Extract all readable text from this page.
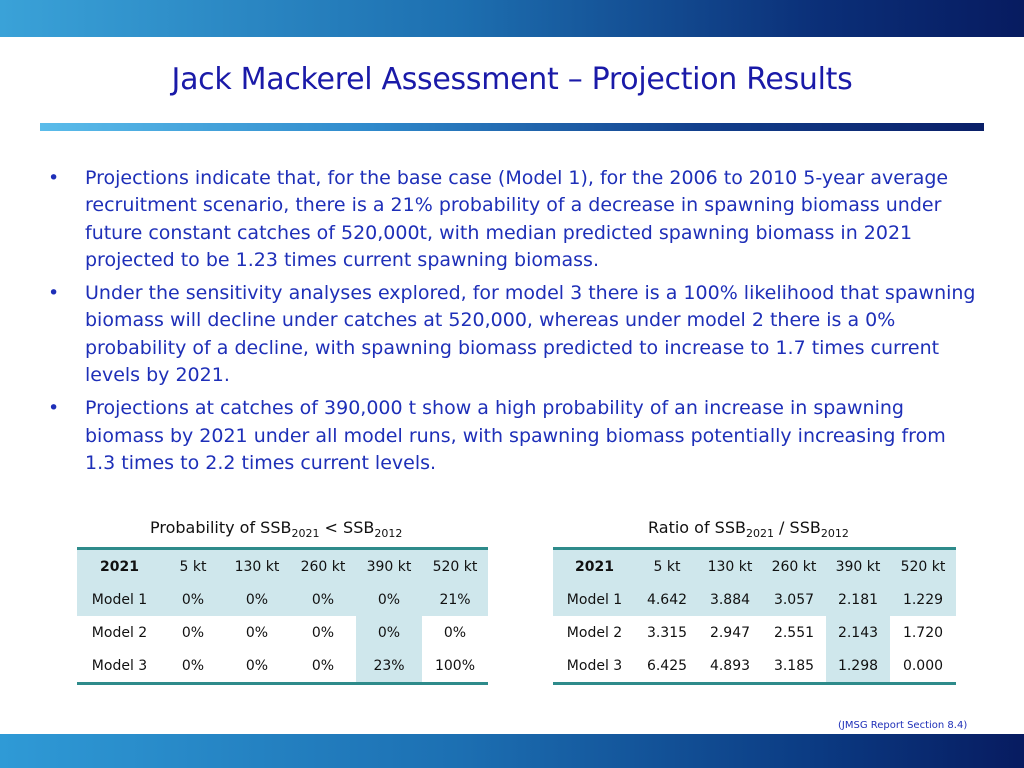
Jack Mackerel Assessment – Projection Results
• Projections indicate that, for the base case (Model 1), for the 2006 to 2010 5-year average recruitment scenario, there is a 21% probability of a decrease in spawning biomass under future constant catches of 520,000t, with median predicted spawning biomass in 2021 projected to be 1.23 times current spawning biomass.
• Under the sensitivity analyses explored, for model 3 there is a 100% likelihood that spawning biomass will decline under catches at 520,000, whereas under model 2 there is a 0% probability of a decline, with spawning biomass predicted to increase to 1.7 times current levels by 2021.
• Projections at catches of 390,000 t show a high probability of an increase in spawning biomass by 2021 under all model runs, with spawning biomass potentially increasing from 1.3 times to 2.2 times current levels.
Probability of $SSB_{2021} < SSB_{2012}$
2021	5 kt	130 kt	260 kt	390 kt	520 kt
Model 1	0%	0%	0%	0%	21%
Model 2	0%	0%	0%	0%	0%
Model 3	0%	0%	0%	23%	100%
Ratio of $SSB_{2021} / SSB_{2012}$
2021	5 kt	130 kt	260 kt	390 kt	520 kt
Model 1	4.642	3.884	3.057	2.181	1.229
Model 2	3.315	2.947	2.551	2.143	1.720
Model 3	6.425	4.893	3.185	1.298	0.000
(JMSG Report Section 8.4)
